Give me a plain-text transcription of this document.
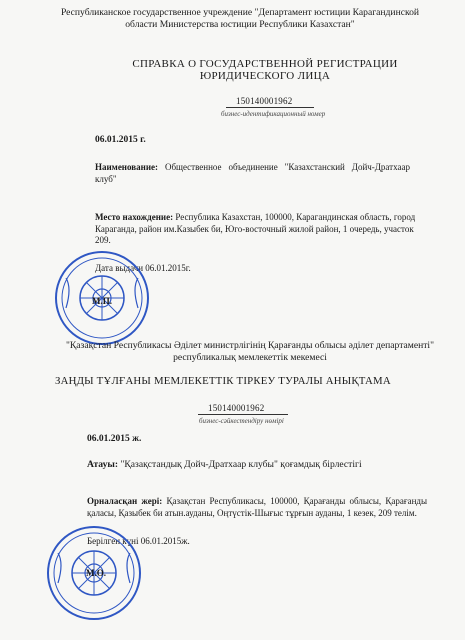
Республиканское государственное учреждение "Департамент юстиции Карагандинской области Министерства юстиции Республики Казахстан"
СПРАВКА О ГОСУДАРСТВЕННОЙ РЕГИСТРАЦИИ
ЮРИДИЧЕСКОГО ЛИЦА
150140001962
бизнес-идентификационный номер
06.01.2015 г.
Наименование: Общественное объединение "Казахстанский Дойч-Дратхаар клуб"
Место нахождение: Республика Казахстан, 100000, Карагандинская область, город Караганда, район им.Казыбек би, Юго-восточный жилой район, 1 очередь, участок 209.
Дата выдачи 06.01.2015г.
М.П.
"Қазақстан Республикасы Әділет министрлігінің Қарағанды облысы әділет департаменті" республикалық мемлекеттік мекемесі
ЗАҢДЫ ТҰЛҒАНЫ МЕМЛЕКЕТТІК ТІРКЕУ ТУРАЛЫ АНЫҚТАМА
150140001962
бизнес-сәйкестендіру нөмірі
06.01.2015 ж.
Атауы: "Қазақстандық Дойч-Дратхаар клубы" қоғамдық бірлестігі
Орналасқан жері: Қазақстан Республикасы, 100000, Қарағанды облысы, Қарағанды қаласы, Қазыбек би атын.ауданы, Оңтүстік-Шығыс тұрғын ауданы, 1 кезек, 209 телім.
Берілген күні 06.01.2015ж.
М.О.
